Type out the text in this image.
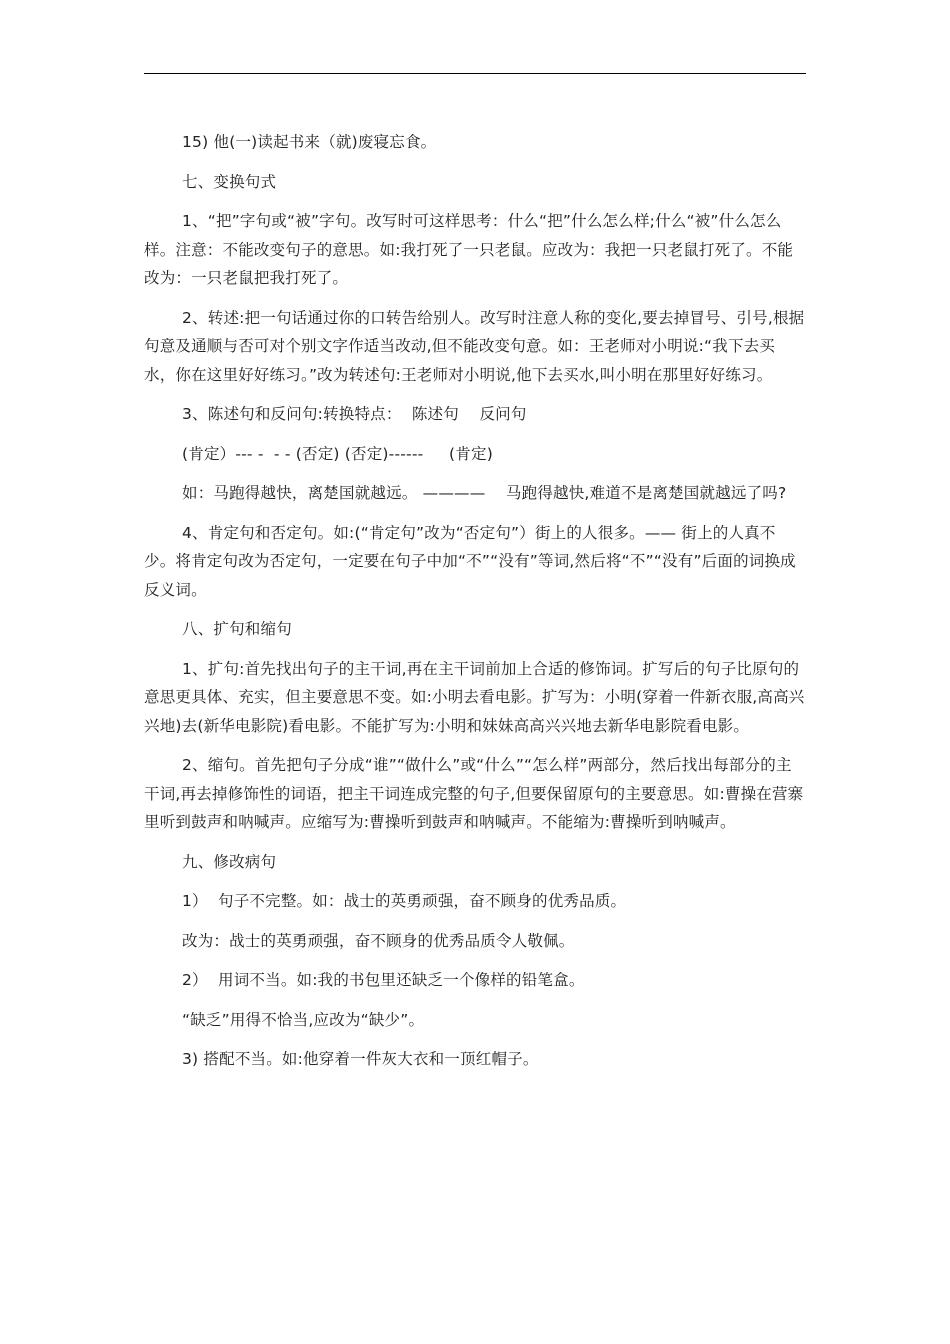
15) 他(一)读起书来（就)废寝忘食。

七、变换句式

1、“把”字句或“被”字句。改写时可这样思考：什么“把”什么怎么样;什么“被”什么怎么样。注意：不能改变句子的意思。如:我打死了一只老鼠。应改为：我把一只老鼠打死了。不能改为：一只老鼠把我打死了。

2、转述:把一句话通过你的口转告给别人。改写时注意人称的变化,要去掉冒号、引号,根据句意及通顺与否可对个别文字作适当改动,但不能改变句意。如：王老师对小明说:“我下去买水，你在这里好好练习。”改为转述句:王老师对小明说,他下去买水,叫小明在那里好好练习。

3、陈述句和反问句:转换特点：  陈述句    反问句

(肯定）--- -  - - (否定) (否定)------     (肯定)

如：马跑得越快，离楚国就越远。 ————    马跑得越快,难道不是离楚国就越远了吗?

4、肯定句和否定句。如:(“肯定句”改为“否定句”）街上的人很多。—— 街上的人真不少。将肯定句改为否定句，一定要在句子中加“不”“没有”等词,然后将“不”“没有”后面的词换成反义词。

八、扩句和缩句

1、扩句:首先找出句子的主干词,再在主干词前加上合适的修饰词。扩写后的句子比原句的意思更具体、充实，但主要意思不变。如:小明去看电影。扩写为：小明(穿着一件新衣服,高高兴兴地)去(新华电影院)看电影。不能扩写为:小明和妹妹高高兴兴地去新华电影院看电影。

2、缩句。首先把句子分成“谁”“做什么”或“什么”“怎么样”两部分，然后找出每部分的主干词,再去掉修饰性的词语，把主干词连成完整的句子,但要保留原句的主要意思。如:曹操在营寨里听到鼓声和呐喊声。应缩写为:曹操听到鼓声和呐喊声。不能缩为:曹操听到呐喊声。

九、修改病句

1）  句子不完整。如：战士的英勇顽强，奋不顾身的优秀品质。

改为：战士的英勇顽强，奋不顾身的优秀品质令人敬佩。

2）  用词不当。如:我的书包里还缺乏一个像样的铅笔盒。

“缺乏”用得不恰当,应改为“缺少”。

3) 搭配不当。如:他穿着一件灰大衣和一顶红帽子。
